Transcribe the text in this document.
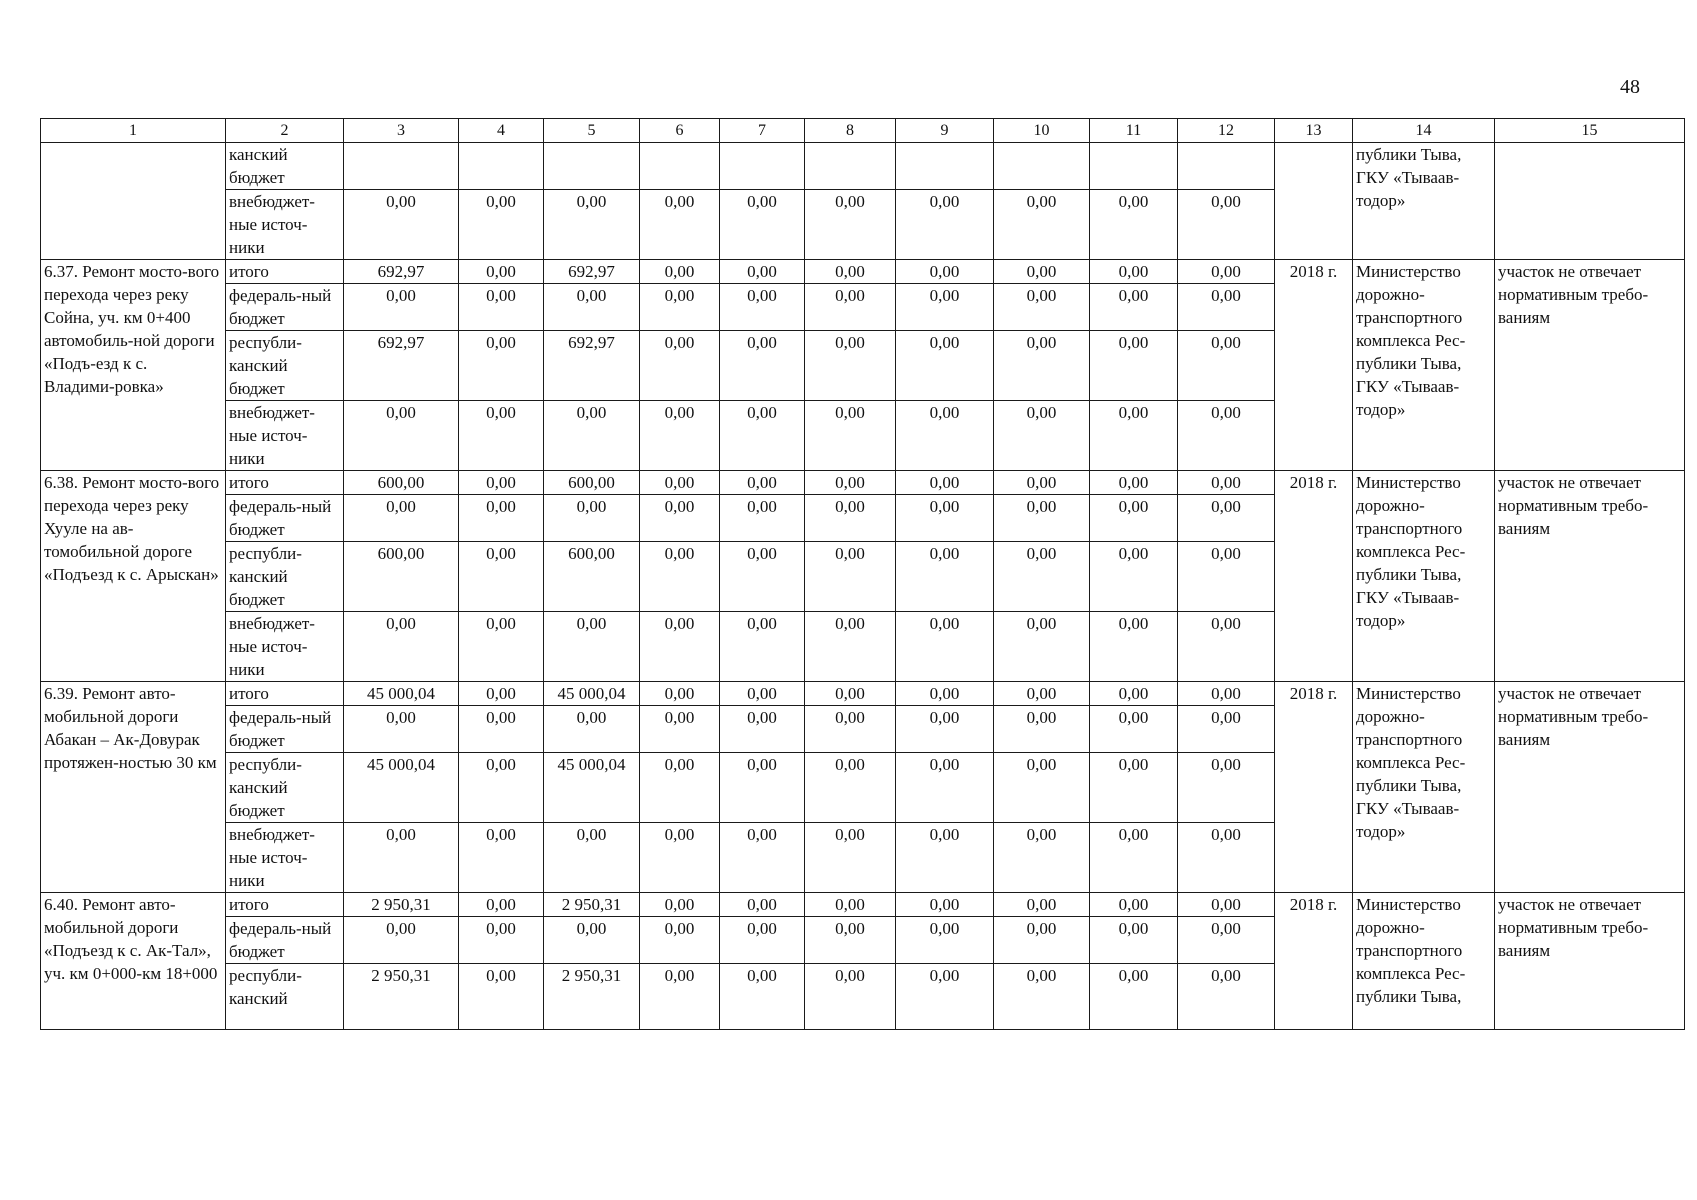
48
1	2	3	4	5	6	7	8	9	10	11	12	13	14	15
	канский бюджет												публики Тыва, ГКУ «Тываав-тодор»	
	внебюджет-ные источ-ники	0,00	0,00	0,00	0,00	0,00	0,00	0,00	0,00	0,00	0,00			
6.37. Ремонт мосто-вого перехода через реку Сойна, уч. км 0+400 автомобиль-ной дороги «Подъ-езд к с. Владими-ровка»	итого	692,97	0,00	692,97	0,00	0,00	0,00	0,00	0,00	0,00	0,00	2018 г.	Министерство дорожно-транспортного комплекса Рес-публики Тыва, ГКУ «Тываав-тодор»	участок не отвечает нормативным требо-ваниям
	федераль-ный бюджет	0,00	0,00	0,00	0,00	0,00	0,00	0,00	0,00	0,00	0,00			
	республи-канский бюджет	692,97	0,00	692,97	0,00	0,00	0,00	0,00	0,00	0,00	0,00			
	внебюджет-ные источ-ники	0,00	0,00	0,00	0,00	0,00	0,00	0,00	0,00	0,00	0,00			
6.38. Ремонт мосто-вого перехода через реку Хууле на ав-томобильной дороге «Подъезд к с. Арыскан»	итого	600,00	0,00	600,00	0,00	0,00	0,00	0,00	0,00	0,00	0,00	2018 г.	Министерство дорожно-транспортного комплекса Рес-публики Тыва, ГКУ «Тываав-тодор»	участок не отвечает нормативным требо-ваниям
	федераль-ный бюджет	0,00	0,00	0,00	0,00	0,00	0,00	0,00	0,00	0,00	0,00			
	республи-канский бюджет	600,00	0,00	600,00	0,00	0,00	0,00	0,00	0,00	0,00	0,00			
	внебюджет-ные источ-ники	0,00	0,00	0,00	0,00	0,00	0,00	0,00	0,00	0,00	0,00			
6.39. Ремонт авто-мобильной дороги Абакан – Ак-Довурак протяжен-ностью 30 км	итого	45 000,04	0,00	45 000,04	0,00	0,00	0,00	0,00	0,00	0,00	0,00	2018 г.	Министерство дорожно-транспортного комплекса Рес-публики Тыва, ГКУ «Тываав-тодор»	участок не отвечает нормативным требо-ваниям
	федераль-ный бюджет	0,00	0,00	0,00	0,00	0,00	0,00	0,00	0,00	0,00	0,00			
	республи-канский бюджет	45 000,04	0,00	45 000,04	0,00	0,00	0,00	0,00	0,00	0,00	0,00			
	внебюджет-ные источ-ники	0,00	0,00	0,00	0,00	0,00	0,00	0,00	0,00	0,00	0,00			
6.40. Ремонт авто-мобильной дороги «Подъезд к с. Ак-Тал», уч. км 0+000-км 18+000	итого	2 950,31	0,00	2 950,31	0,00	0,00	0,00	0,00	0,00	0,00	0,00	2018 г.	Министерство дорожно-транспортного комплекса Рес-публики Тыва,	участок не отвечает нормативным требо-ваниям
	федераль-ный бюджет	0,00	0,00	0,00	0,00	0,00	0,00	0,00	0,00	0,00	0,00			
	республи-канский	2 950,31	0,00	2 950,31	0,00	0,00	0,00	0,00	0,00	0,00	0,00			
